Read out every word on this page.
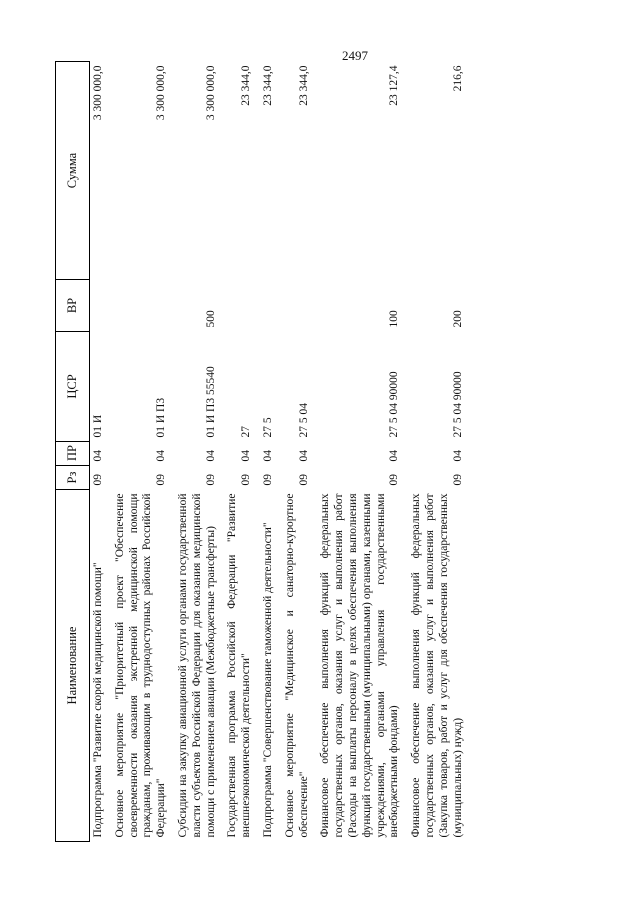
2497
Наименование	Рз	ПР	ЦСР	ВР	Сумма
Подпрограмма "Развитие скорой медицинской помощи"	09	04	01 И		3 300 000,0
Основное мероприятие "Приоритетный проект "Обеспечение своевременности оказания экстренной медицинской помощи гражданам, проживающим в труднодоступных районах Российской Федерации"	09	04	01 И П3		3 300 000,0
Субсидии на закупку авиационной услуги органами государственной власти субъектов Российской Федерации для оказания медицинской помощи с применением авиации (Межбюджетные трансферты)	09	04	01 И П3 55540	500	3 300 000,0
Государственная программа Российской Федерации "Развитие внешнеэкономической деятельности"	09	04	27		23 344,0
Подпрограмма "Совершенствование таможенной деятельности"	09	04	27 5		23 344,0
Основное мероприятие "Медицинское и санаторно-курортное обеспечение"	09	04	27 5 04		23 344,0
Финансовое обеспечение выполнения функций федеральных государственных органов, оказания услуг и выполнения работ (Расходы на выплаты персоналу в целях обеспечения выполнения функций государственными (муниципальными) органами, казенными учреждениями, органами управления государственными внебюджетными фондами)	09	04	27 5 04 90000	100	23 127,4
Финансовое обеспечение выполнения функций федеральных государственных органов, оказания услуг и выполнения работ (Закупка товаров, работ и услуг для обеспечения государственных (муниципальных) нужд)	09	04	27 5 04 90000	200	216,6
